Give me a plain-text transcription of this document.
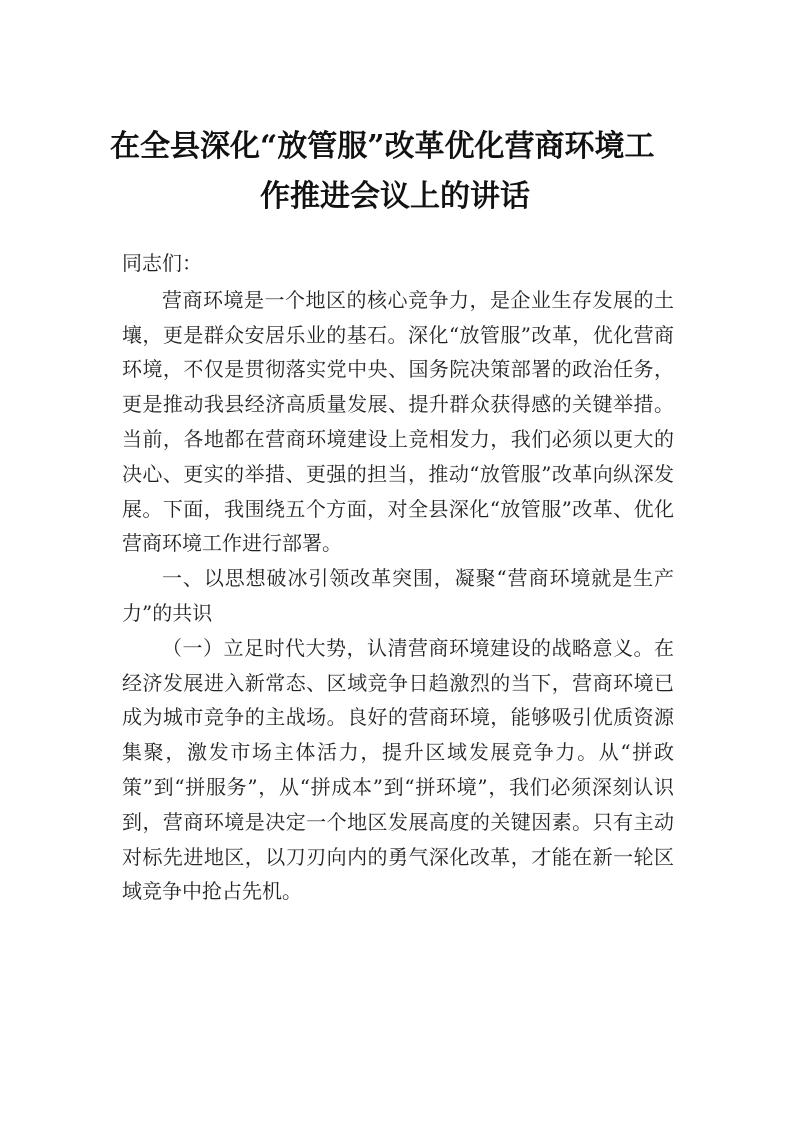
在全县深化“放管服”改革优化营商环境工
作推进会议上的讲话

同志们：

营商环境是一个地区的核心竞争力，是企业生存发展的土壤，更是群众安居乐业的基石。深化“放管服”改革，优化营商环境，不仅是贯彻落实党中央、国务院决策部署的政治任务，更是推动我县经济高质量发展、提升群众获得感的关键举措。当前，各地都在营商环境建设上竞相发力，我们必须以更大的决心、更实的举措、更强的担当，推动“放管服”改革向纵深发展。下面，我围绕五个方面，对全县深化“放管服”改革、优化营商环境工作进行部署。

一、以思想破冰引领改革突围，凝聚“营商环境就是生产力”的共识

（一）立足时代大势，认清营商环境建设的战略意义。在经济发展进入新常态、区域竞争日趋激烈的当下，营商环境已成为城市竞争的主战场。良好的营商环境，能够吸引优质资源集聚，激发市场主体活力，提升区域发展竞争力。从“拼政策”到“拼服务”，从“拼成本”到“拼环境”，我们必须深刻认识到，营商环境是决定一个地区发展高度的关键因素。只有主动对标先进地区，以刀刃向内的勇气深化改革，才能在新一轮区域竞争中抢占先机。
